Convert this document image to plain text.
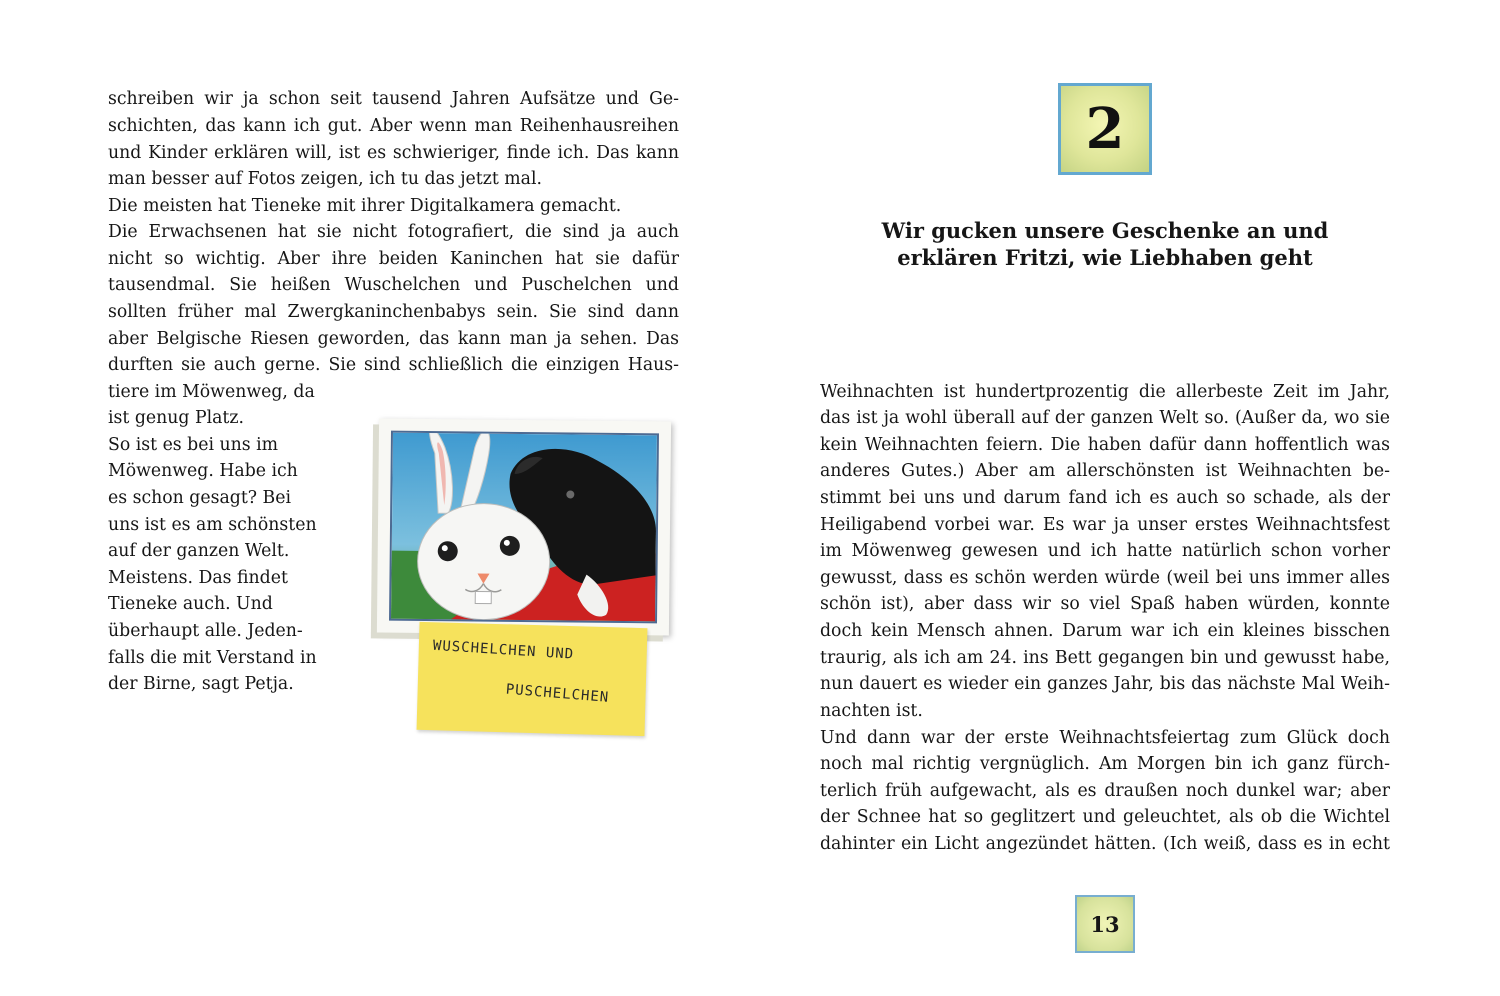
schreiben wir ja schon seit tausend Jahren Aufsätze und Ge-
schichten, das kann ich gut. Aber wenn man Reihenhausreihen
und Kinder erklären will, ist es schwieriger, finde ich. Das kann
man besser auf Fotos zeigen, ich tu das jetzt mal.
Die meisten hat Tieneke mit ihrer Digitalkamera gemacht.
Die Erwachsenen hat sie nicht fotografiert, die sind ja auch
nicht so wichtig. Aber ihre beiden Kaninchen hat sie dafür
tausendmal. Sie heißen Wuschelchen und Puschelchen und
sollten früher mal Zwergkaninchenbabys sein. Sie sind dann
aber Belgische Riesen geworden, das kann man ja sehen. Das
durften sie auch gerne. Sie sind schließlich die einzigen Haus-
tiere im Möwenweg, da
ist genug Platz.
So ist es bei uns im
Möwenweg. Habe ich
es schon gesagt? Bei
uns ist es am schönsten
auf der ganzen Welt.
Meistens. Das findet
Tieneke auch. Und
überhaupt alle. Jeden-
falls die mit Verstand in
der Birne, sagt Petja.
WUSCHELCHEN UND
PUSCHELCHEN
2
Wir gucken unsere Geschenke an und
erklären Fritzi, wie Liebhaben geht
Weihnachten ist hundertprozentig die allerbeste Zeit im Jahr,
das ist ja wohl überall auf der ganzen Welt so. (Außer da, wo sie
kein Weihnachten feiern. Die haben dafür dann hoffentlich was
anderes Gutes.) Aber am allerschönsten ist Weihnachten be-
stimmt bei uns und darum fand ich es auch so schade, als der
Heiligabend vorbei war. Es war ja unser erstes Weihnachtsfest
im Möwenweg gewesen und ich hatte natürlich schon vorher
gewusst, dass es schön werden würde (weil bei uns immer alles
schön ist), aber dass wir so viel Spaß haben würden, konnte
doch kein Mensch ahnen. Darum war ich ein kleines bisschen
traurig, als ich am 24. ins Bett gegangen bin und gewusst habe,
nun dauert es wieder ein ganzes Jahr, bis das nächste Mal Weih-
nachten ist.
Und dann war der erste Weihnachtsfeiertag zum Glück doch
noch mal richtig vergnüglich. Am Morgen bin ich ganz fürch-
terlich früh aufgewacht, als es draußen noch dunkel war; aber
der Schnee hat so geglitzert und geleuchtet, als ob die Wichtel
dahinter ein Licht angezündet hätten. (Ich weiß, dass es in echt
13
